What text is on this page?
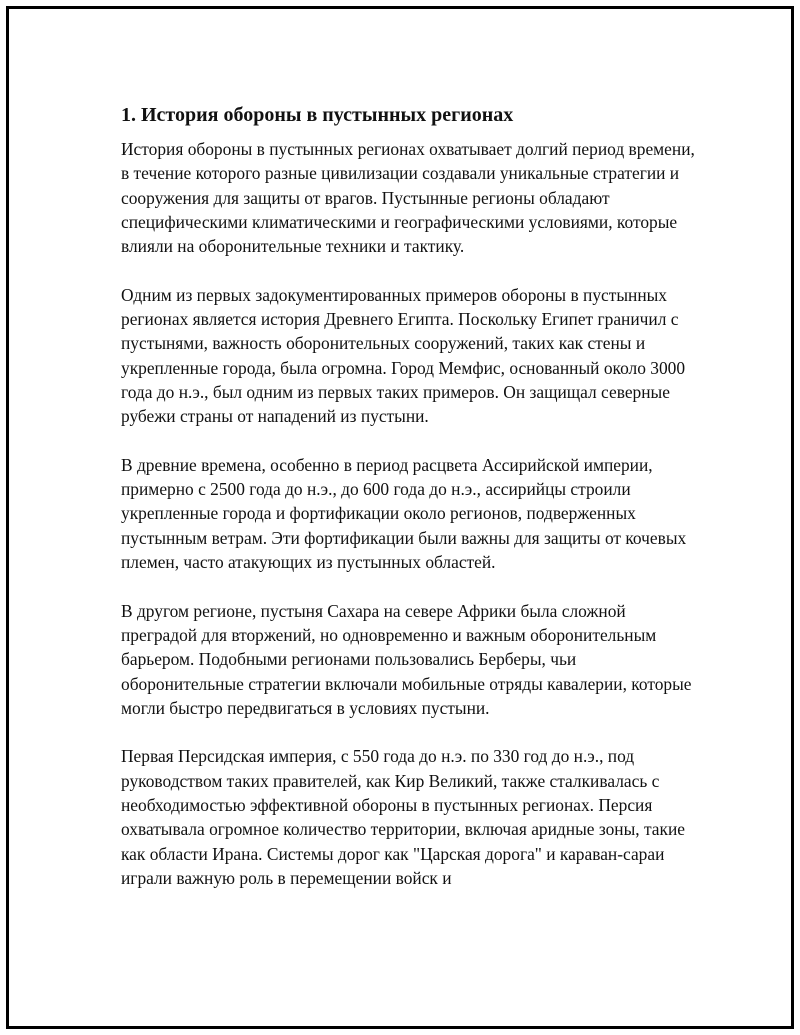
1. История обороны в пустынных регионах

История обороны в пустынных регионах охватывает долгий период времени, в течение которого разные цивилизации создавали уникальные стратегии и сооружения для защиты от врагов. Пустынные регионы обладают специфическими климатическими и географическими условиями, которые влияли на оборонительные техники и тактику.

Одним из первых задокументированных примеров обороны в пустынных регионах является история Древнего Египта. Поскольку Египет граничил с пустынями, важность оборонительных сооружений, таких как стены и укрепленные города, была огромна. Город Мемфис, основанный около 3000 года до н.э., был одним из первых таких примеров. Он защищал северные рубежи страны от нападений из пустыни.

В древние времена, особенно в период расцвета Ассирийской империи, примерно с 2500 года до н.э., до 600 года до н.э., ассирийцы строили укрепленные города и фортификации около регионов, подверженных пустынным ветрам. Эти фортификации были важны для защиты от кочевых племен, часто атакующих из пустынных областей.

В другом регионе, пустыня Сахара на севере Африки была сложной преградой для вторжений, но одновременно и важным оборонительным барьером. Подобными регионами пользовались Берберы, чьи оборонительные стратегии включали мобильные отряды кавалерии, которые могли быстро передвигаться в условиях пустыни.

Первая Персидская империя, с 550 года до н.э. по 330 год до н.э., под руководством таких правителей, как Кир Великий, также сталкивалась с необходимостью эффективной обороны в пустынных регионах. Персия охватывала огромное количество территории, включая аридные зоны, такие как области Ирана. Системы дорог как "Царская дорога" и караван-сараи играли важную роль в перемещении войск и
